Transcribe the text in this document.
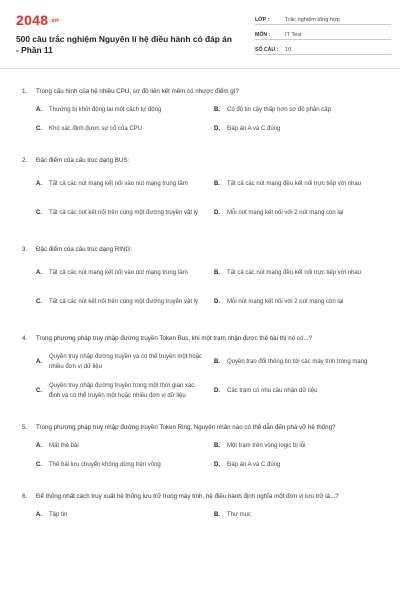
2048.vn
500 câu trắc nghiệm Nguyên lí hệ điều hành có đáp án - Phần 11
LỚP :	Trắc nghiệm tổng hợp
MÔN :	IT Test
SỐ CÂU :	10
1.	Trong cấu hình của hệ nhiều CPU, sơ đồ liên kết mềm có nhược điểm gì?
A.	Thường bị khởi động lại một cách tự động	B.	Có độ tin cậy thấp hơn sơ đồ phân cấp
C.	Khó xác định được sự cố của CPU	D.	Đáp án A và C đúng
2.	Đặc điểm của cấu trúc dạng BUS:
A.	Tất cả các nút mạng kết nối vào nút mạng trung tâm	B.	Tất cả các nút mạng đều kết nối trực tiếp với nhau
C.	Tất cả các nút kết nối trên cùng một đường truyền vật lý	D.	Mỗi nút mạng kết nối với 2 nút mạng còn lại
3.	Đặc điểm của cấu trúc dạng RING:
A.	Tất cả các nút mạng kết nối vào nút mạng trung tâm	B.	Tất cả các nút mạng đều kết nối trực tiếp với nhau
C.	Tất cả các nút kết nối trên cùng một đường truyền vật lý	D.	Mỗi nút mạng kết nối với 2 nút mạng còn lại
4.	Trong phương pháp truy nhập đường truyền Token Bus, khi một trạm nhận được thẻ bài thì nó có...?
A.
Quyền truy nhập đường truyền và có thể truyền một hoặc nhiều đơn vị dữ liệu
B.	Quyền trao đổi thông tin tới các máy tính trong mạng
C.
Quyền truy nhập đường truyền trong một thời gian xác định và có thể truyền một hoặc nhiều đơn vị dữ liệu
D.	Các trạm có nhu cầu nhận dữ liệu
5.	Trong phương pháp truy nhập đường truyền Token Ring, Nguyên nhân nào có thể dẫn đến phá vỡ hệ thống?
A.	Mất thẻ bài	B.	Một trạm trên vòng logic bị lỗi
C.	Thẻ bài lưu chuyển không dừng trên vòng	D.	Đáp án A và C đúng
6.	Để thống nhất cách truy xuất hệ thống lưu trữ trong máy tính, hệ điều hành định nghĩa một đơn vị lưu trữ là...?
A.	Tập tin	B.	Thư mục
